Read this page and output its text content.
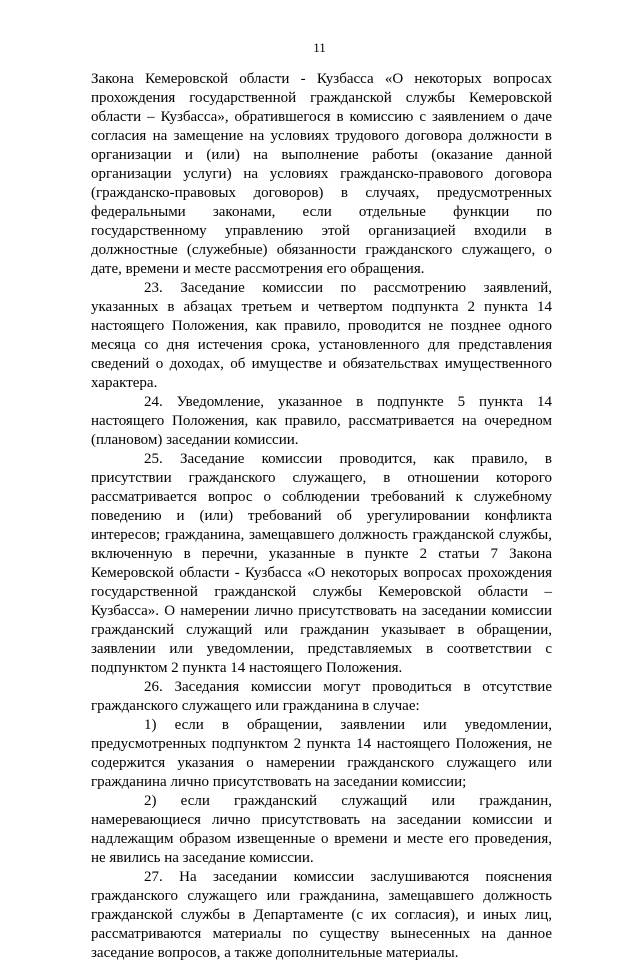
11

Закона Кемеровской области - Кузбасса «О некоторых вопросах прохождения государственной гражданской службы Кемеровской области – Кузбасса», обратившегося в комиссию с заявлением о даче согласия на замещение на условиях трудового договора должности в организации и (или) на выполнение работы (оказание данной организации услуги) на условиях гражданско-правового договора (гражданско-правовых договоров) в случаях, предусмотренных федеральными законами, если отдельные функции по государственному управлению этой организацией входили в должностные (служебные) обязанности гражданского служащего, о дате, времени и месте рассмотрения его обращения.

23. Заседание комиссии по рассмотрению заявлений, указанных в абзацах третьем и четвертом подпункта 2 пункта 14 настоящего Положения, как правило, проводится не позднее одного месяца со дня истечения срока, установленного для представления сведений о доходах, об имуществе и обязательствах имущественного характера.

24. Уведомление, указанное в подпункте 5 пункта 14 настоящего Положения, как правило, рассматривается на очередном (плановом) заседании комиссии.

25. Заседание комиссии проводится, как правило, в присутствии гражданского служащего, в отношении которого рассматривается вопрос о соблюдении требований к служебному поведению и (или) требований об урегулировании конфликта интересов; гражданина, замещавшего должность гражданской службы, включенную в перечни, указанные в пункте 2 статьи 7 Закона Кемеровской области - Кузбасса «О некоторых вопросах прохождения государственной гражданской службы Кемеровской области – Кузбасса». О намерении лично присутствовать на заседании комиссии гражданский служащий или гражданин указывает в обращении, заявлении или уведомлении, представляемых в соответствии с подпунктом 2 пункта 14 настоящего Положения.

26. Заседания комиссии могут проводиться в отсутствие гражданского служащего или гражданина в случае:

1) если в обращении, заявлении или уведомлении, предусмотренных подпунктом 2 пункта 14 настоящего Положения, не содержится указания о намерении гражданского служащего или гражданина лично присутствовать на заседании комиссии;

2) если гражданский служащий или гражданин, намеревающиеся лично присутствовать на заседании комиссии и надлежащим образом извещенные о времени и месте его проведения, не явились на заседание комиссии.

27. На заседании комиссии заслушиваются пояснения гражданского служащего или гражданина, замещавшего должность гражданской службы в Департаменте (с их согласия), и иных лиц, рассматриваются материалы по существу вынесенных на данное заседание вопросов, а также дополнительные материалы.
